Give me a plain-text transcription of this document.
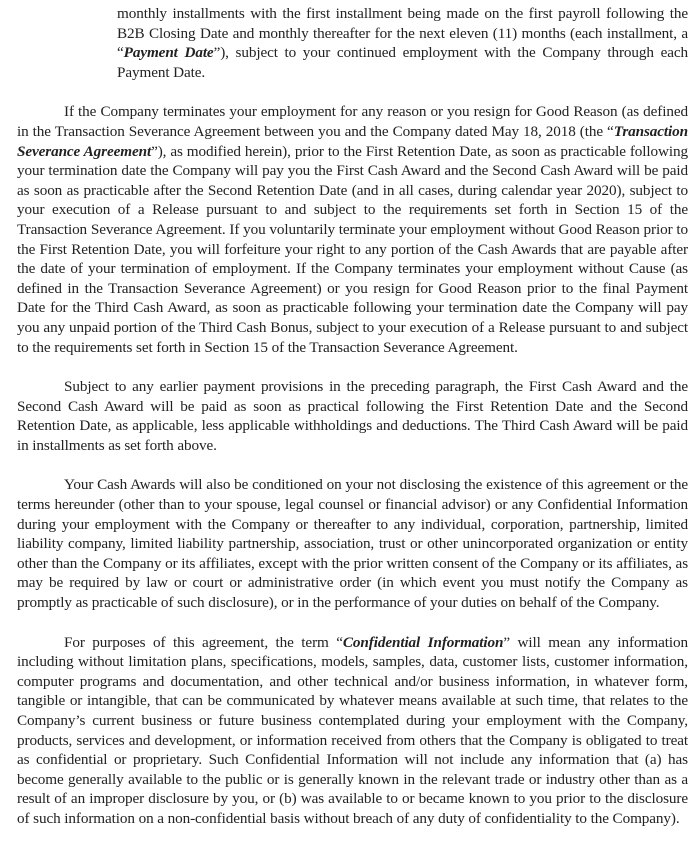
monthly installments with the first installment being made on the first payroll following the B2B Closing Date and monthly thereafter for the next eleven (11) months (each installment, a “Payment Date”), subject to your continued employment with the Company through each Payment Date.

If the Company terminates your employment for any reason or you resign for Good Reason (as defined in the Transaction Severance Agreement between you and the Company dated May 18, 2018 (the “Transaction Severance Agreement”), as modified herein), prior to the First Retention Date, as soon as practicable following your termination date the Company will pay you the First Cash Award and the Second Cash Award will be paid as soon as practicable after the Second Retention Date (and in all cases, during calendar year 2020), subject to your execution of a Release pursuant to and subject to the requirements set forth in Section 15 of the Transaction Severance Agreement. If you voluntarily terminate your employment without Good Reason prior to the First Retention Date, you will forfeiture your right to any portion of the Cash Awards that are payable after the date of your termination of employment. If the Company terminates your employment without Cause (as defined in the Transaction Severance Agreement) or you resign for Good Reason prior to the final Payment Date for the Third Cash Award, as soon as practicable following your termination date the Company will pay you any unpaid portion of the Third Cash Bonus, subject to your execution of a Release pursuant to and subject to the requirements set forth in Section 15 of the Transaction Severance Agreement.

Subject to any earlier payment provisions in the preceding paragraph, the First Cash Award and the Second Cash Award will be paid as soon as practical following the First Retention Date and the Second Retention Date, as applicable, less applicable withholdings and deductions. The Third Cash Award will be paid in installments as set forth above.

Your Cash Awards will also be conditioned on your not disclosing the existence of this agreement or the terms hereunder (other than to your spouse, legal counsel or financial advisor) or any Confidential Information during your employment with the Company or thereafter to any individual, corporation, partnership, limited liability company, limited liability partnership, association, trust or other unincorporated organization or entity other than the Company or its affiliates, except with the prior written consent of the Company or its affiliates, as may be required by law or court or administrative order (in which event you must notify the Company as promptly as practicable of such disclosure), or in the performance of your duties on behalf of the Company.

For purposes of this agreement, the term “Confidential Information” will mean any information including without limitation plans, specifications, models, samples, data, customer lists, customer information, computer programs and documentation, and other technical and/or business information, in whatever form, tangible or intangible, that can be communicated by whatever means available at such time, that relates to the Company’s current business or future business contemplated during your employment with the Company, products, services and development, or information received from others that the Company is obligated to treat as confidential or proprietary. Such Confidential Information will not include any information that (a) has become generally available to the public or is generally known in the relevant trade or industry other than as a result of an improper disclosure by you, or (b) was available to or became known to you prior to the disclosure of such information on a non-confidential basis without breach of any duty of confidentiality to the Company).
